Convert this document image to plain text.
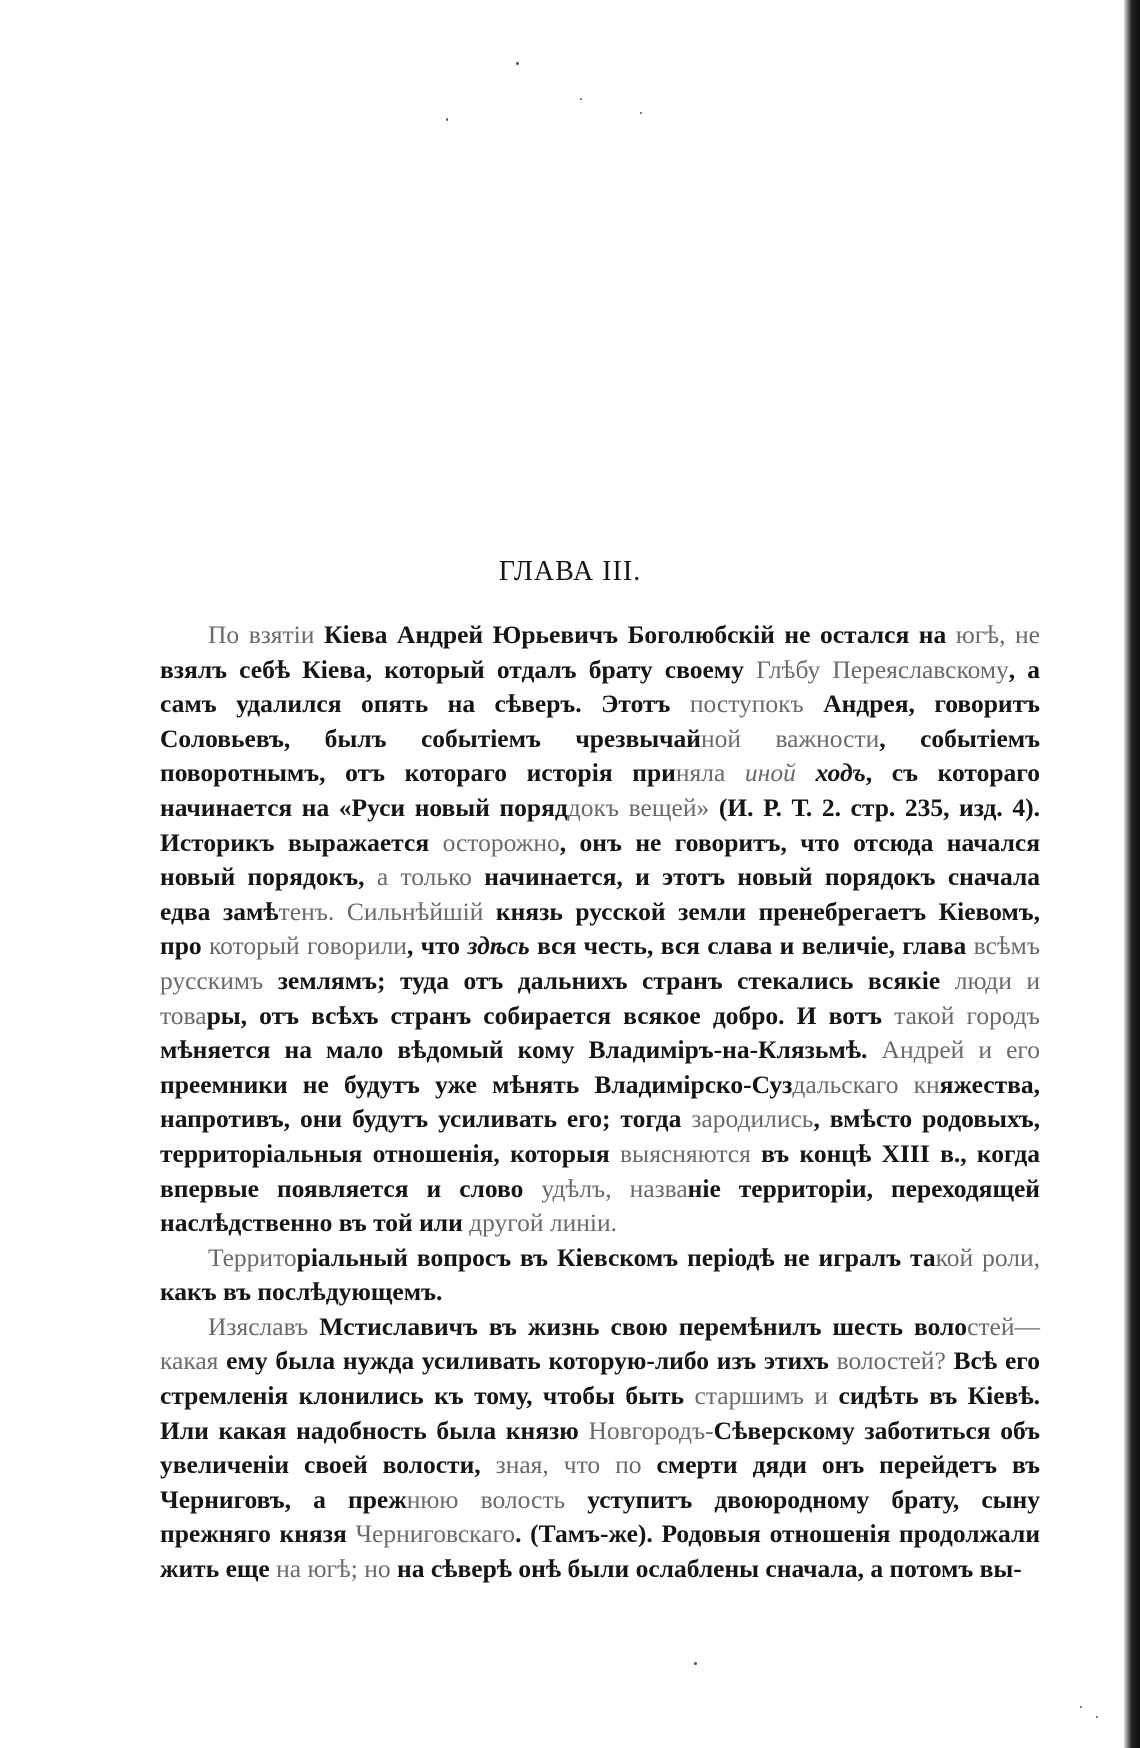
ГЛАВА III.

По взятіи Кіева Андрей Юрьевичъ Боголюбскій не остался на югѣ, не взялъ себѣ Кіева, который отдалъ брату своему Глѣбу Переяславскому, а самъ удалился опять на сѣверъ. Этотъ поступокъ Андрея, говоритъ Соловьевъ, былъ событіемъ чрезвычайной важности, событіемъ поворотнымъ, отъ котораго исторія приняла иной ходъ, съ котораго начинается на «Руси новый поряддокъ вещей» (И. Р. Т. 2. стр. 235, изд. 4). Историкъ выражается осторожно, онъ не говоритъ, что отсюда начался новый порядокъ, а только начинается, и этотъ новый порядокъ сначала едва замѣтенъ. Сильнѣйшій князь русской земли пренебрегаетъ Кіевомъ, про который говорили, что здѣсь вся честь, вся слава и величіе, глава всѣмъ русскимъ землямъ; туда отъ дальнихъ странъ стекались всякіе люди и товары, отъ всѣхъ странъ собирается всякое добро. И вотъ такой городъ мѣняется на мало вѣдомый кому Владиміръ-на-Клязьмѣ. Андрей и его преемники не будутъ уже мѣнять Владимірско-Суздальскаго княжества, напротивъ, они будутъ усиливать его; тогда зародились, вмѣсто родовыхъ, территоріальныя отношенія, которыя выясняются въ концѣ XIII в., когда впервые появляется и слово удѣлъ, названіе территоріи, переходящей наслѣдственно въ той или другой линіи.

Территоріальный вопросъ въ Кіевскомъ періодѣ не игралъ такой роли, какъ въ послѣдующемъ.

Изяславъ Мстиславичъ въ жизнь свою перемѣнилъ шесть волостей—какая ему была нужда усиливать которую-либо изъ этихъ волостей? Всѣ его стремленія клонились къ тому, чтобы быть старшимъ и сидѣть въ Кіевѣ. Или какая надобность была князю Новгородъ-Сѣверскому заботиться объ увеличеніи своей волости, зная, что по смерти дяди онъ перейдетъ въ Черниговъ, а прежнюю волость уступитъ двоюродному брату, сыну прежняго князя Черниговскаго. (Тамъ-же). Родовыя отношенія продолжали жить еще на югѣ; но на сѣверѣ онѣ были ослаблены сначала, а потомъ вы-
